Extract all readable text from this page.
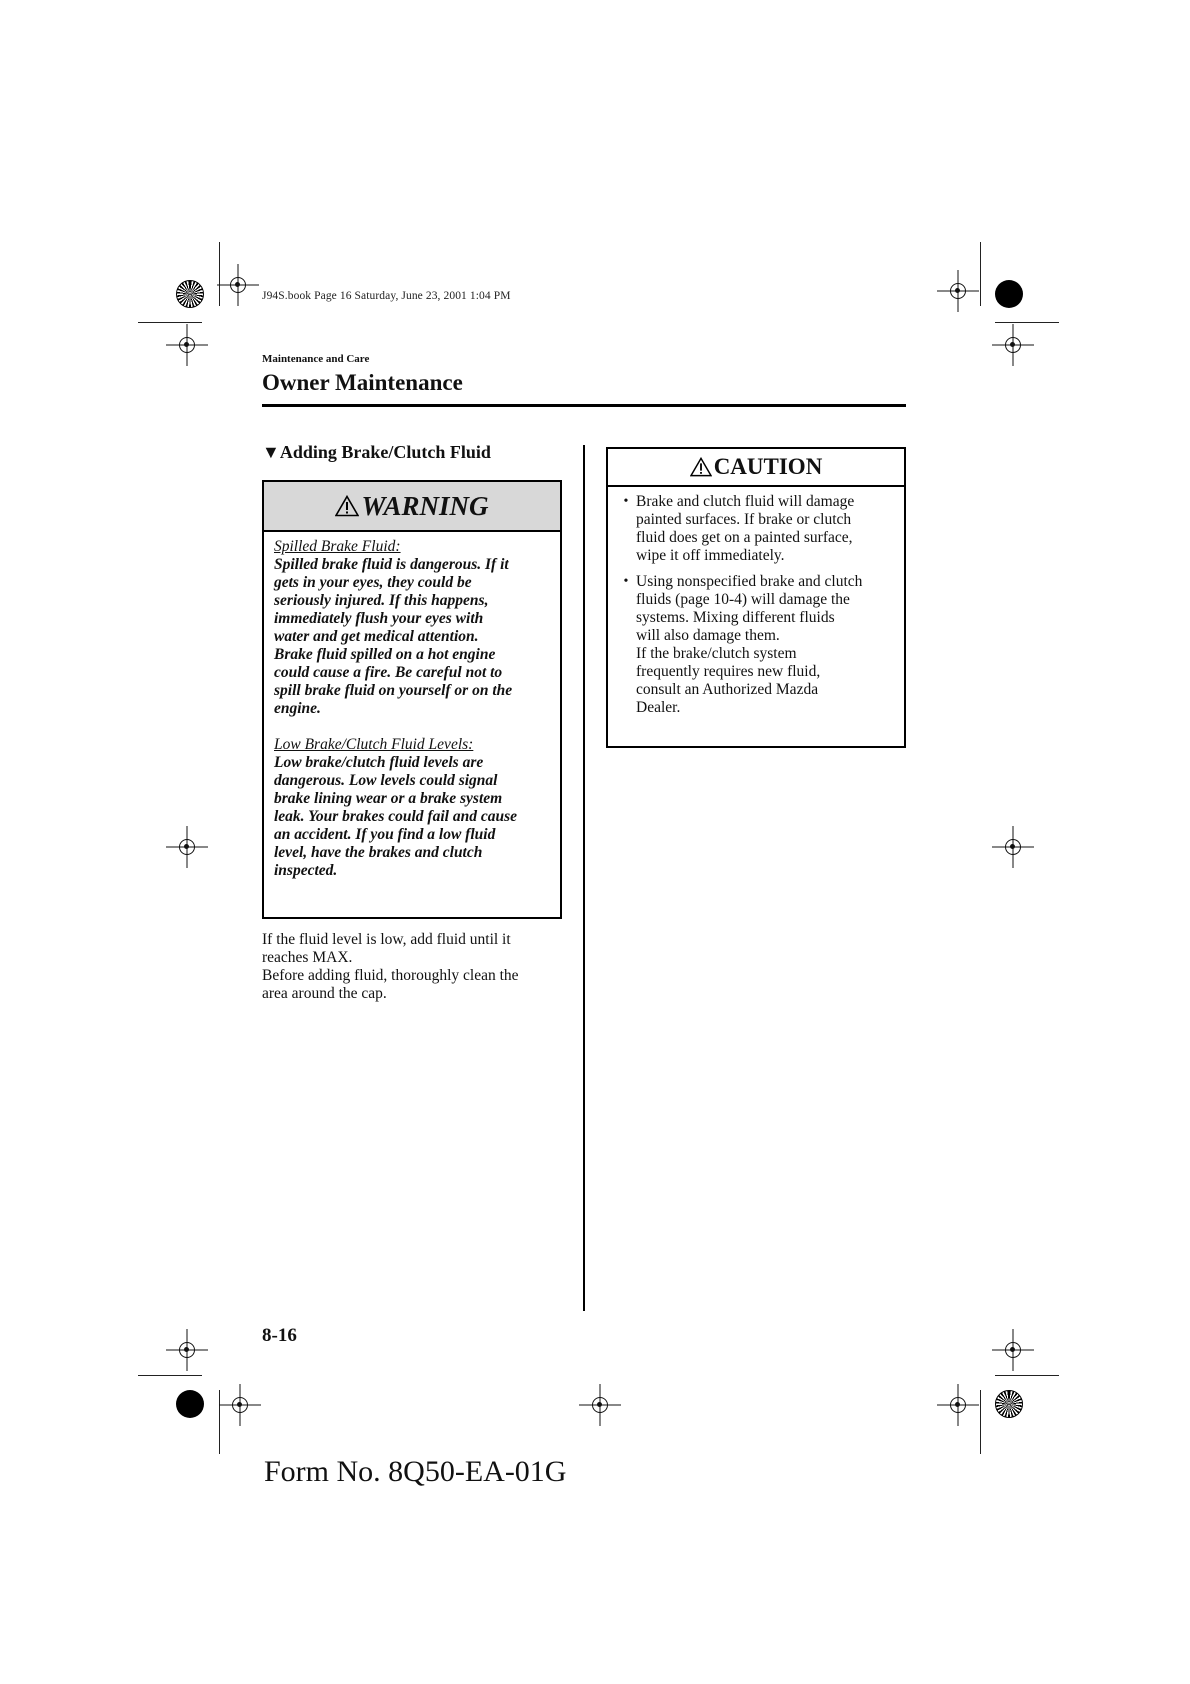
J94S.book Page 16 Saturday, June 23, 2001 1:04 PM
Maintenance and Care
Owner Maintenance
▼Adding Brake/Clutch Fluid
WARNING

Spilled Brake Fluid:

Spilled brake fluid is dangerous. If it

gets in your eyes, they could be

seriously injured. If this happens,

immediately flush your eyes with

water and get medical attention.

Brake fluid spilled on a hot engine

could cause a fire. Be careful not to

spill brake fluid on yourself or on the

engine.

Low Brake/Clutch Fluid Levels:

Low brake/clutch fluid levels are

dangerous. Low levels could signal

brake lining wear or a brake system

leak. Your brakes could fail and cause

an accident. If you find a low fluid

level, have the brakes and clutch

inspected.

If the fluid level is low, add fluid until it

reaches MAX.

Before adding fluid, thoroughly clean the

area around the cap.

CAUTION
• Brake and clutch fluid will damage

painted surfaces. If brake or clutch

fluid does get on a painted surface,

wipe it off immediately.

• Using nonspecified brake and clutch

fluids (page 10-4) will damage the

systems. Mixing different fluids

will also damage them.

If the brake/clutch system

frequently requires new fluid,

consult an Authorized Mazda

Dealer.

8-16
Form No. 8Q50-EA-01G
